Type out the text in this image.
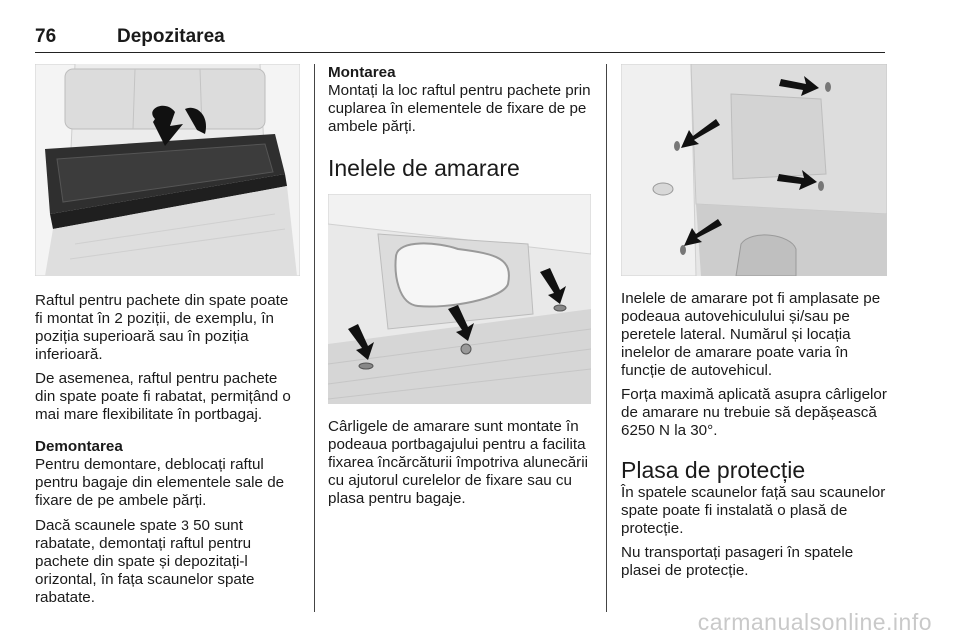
76	Depozitarea

Raftul pentru pachete din spate poate fi montat în 2 poziții, de exemplu, în poziția superioară sau în poziția inferioară.

De asemenea, raftul pentru pachete din spate poate fi rabatat, permițând o mai mare flexibilitate în portbagaj.

Demontarea

Pentru demontare, deblocați raftul pentru bagaje din elementele sale de fixare de pe ambele părți.

Dacă scaunele spate 3 50 sunt rabatate, demontați raftul pentru pachete din spate și depozitați-l orizontal, în fața scaunelor spate rabatate.

Montarea

Montați la loc raftul pentru pachete prin cuplarea în elementele de fixare de pe ambele părți.

Inelele de amarare

Cârligele de amarare sunt montate în podeaua portbagajului pentru a facilita fixarea încărcăturii împotriva alunecării cu ajutorul curelelor de fixare sau cu plasa pentru bagaje.

Inelele de amarare pot fi amplasate pe podeaua autovehiculului și/sau pe peretele lateral. Numărul și locația inelelor de amarare poate varia în funcție de autovehicul.

Forța maximă aplicată asupra cârligelor de amarare nu trebuie să depășească 6250 N la 30°.

Plasa de protecție

În spatele scaunelor față sau scaunelor spate poate fi instalată o plasă de protecție.

Nu transportați pasageri în spatele plasei de protecție.

carmanualsonline.info
